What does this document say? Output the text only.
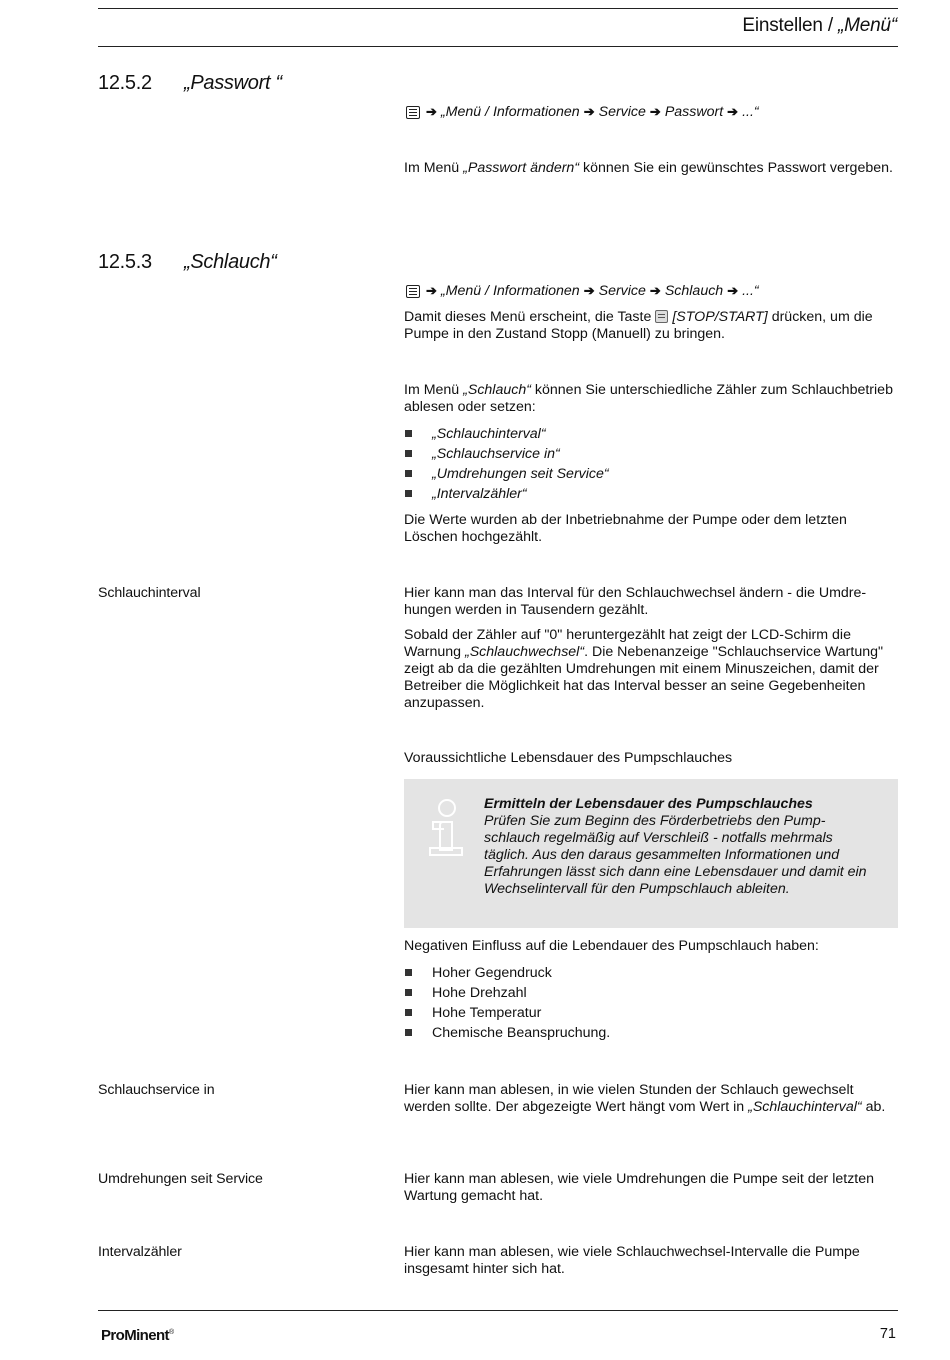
Einstellen / „Menü“
12.5.2 „Passwort “
➔ „Menü / Informationen ➔ Service ➔ Passwort ➔ ...“
Im Menü „Passwort ändern“ können Sie ein gewünschtes Passwort vergeben.
12.5.3 „Schlauch“
➔ „Menü / Informationen ➔ Service ➔ Schlauch ➔ ...“
Damit dieses Menü erscheint, die Taste [STOP/START] drücken, um die Pumpe in den Zustand Stopp (Manuell) zu bringen.
Im Menü „Schlauch“ können Sie unterschiedliche Zähler zum Schlauchbetrieb ablesen oder setzen:
„Schlauchinterval“
„Schlauchservice in“
„Umdrehungen seit Service“
„Intervalzähler“
Die Werte wurden ab der Inbetriebnahme der Pumpe oder dem letzten Löschen hochgezählt.
Schlauchinterval	Hier kann man das Interval für den Schlauchwechsel ändern - die Umdrehungen werden in Tausendern gezählt.
Sobald der Zähler auf "0" heruntergezählt hat zeigt der LCD-Schirm die Warnung „Schlauchwechsel“. Die Nebenanzeige "Schlauchservice Wartung" zeigt ab da die gezählten Umdrehungen mit einem Minuszeichen, damit der Betreiber die Möglichkeit hat das Interval besser an seine Gegebenheiten anzupassen.
Voraussichtliche Lebensdauer des Pumpschlauches
Ermitteln der Lebensdauer des Pumpschlauches
Prüfen Sie zum Beginn des Förderbetriebs den Pumpschlauch regelmäßig auf Verschleiß - notfalls mehrmals täglich. Aus den daraus gesammelten Informationen und Erfahrungen lässt sich dann eine Lebensdauer und damit ein Wechselintervall für den Pumpschlauch ableiten.
Negativen Einfluss auf die Lebendauer des Pumpschlauch haben:
Hoher Gegendruck
Hohe Drehzahl
Hohe Temperatur
Chemische Beanspruchung.
Schlauchservice in	Hier kann man ablesen, in wie vielen Stunden der Schlauch gewechselt werden sollte. Der abgezeigte Wert hängt vom Wert in „Schlauchinterval“ ab.
Umdrehungen seit Service	Hier kann man ablesen, wie viele Umdrehungen die Pumpe seit der letzten Wartung gemacht hat.
Intervalzähler	Hier kann man ablesen, wie viele Schlauchwechsel-Intervalle die Pumpe insgesamt hinter sich hat.
ProMinent®	71
